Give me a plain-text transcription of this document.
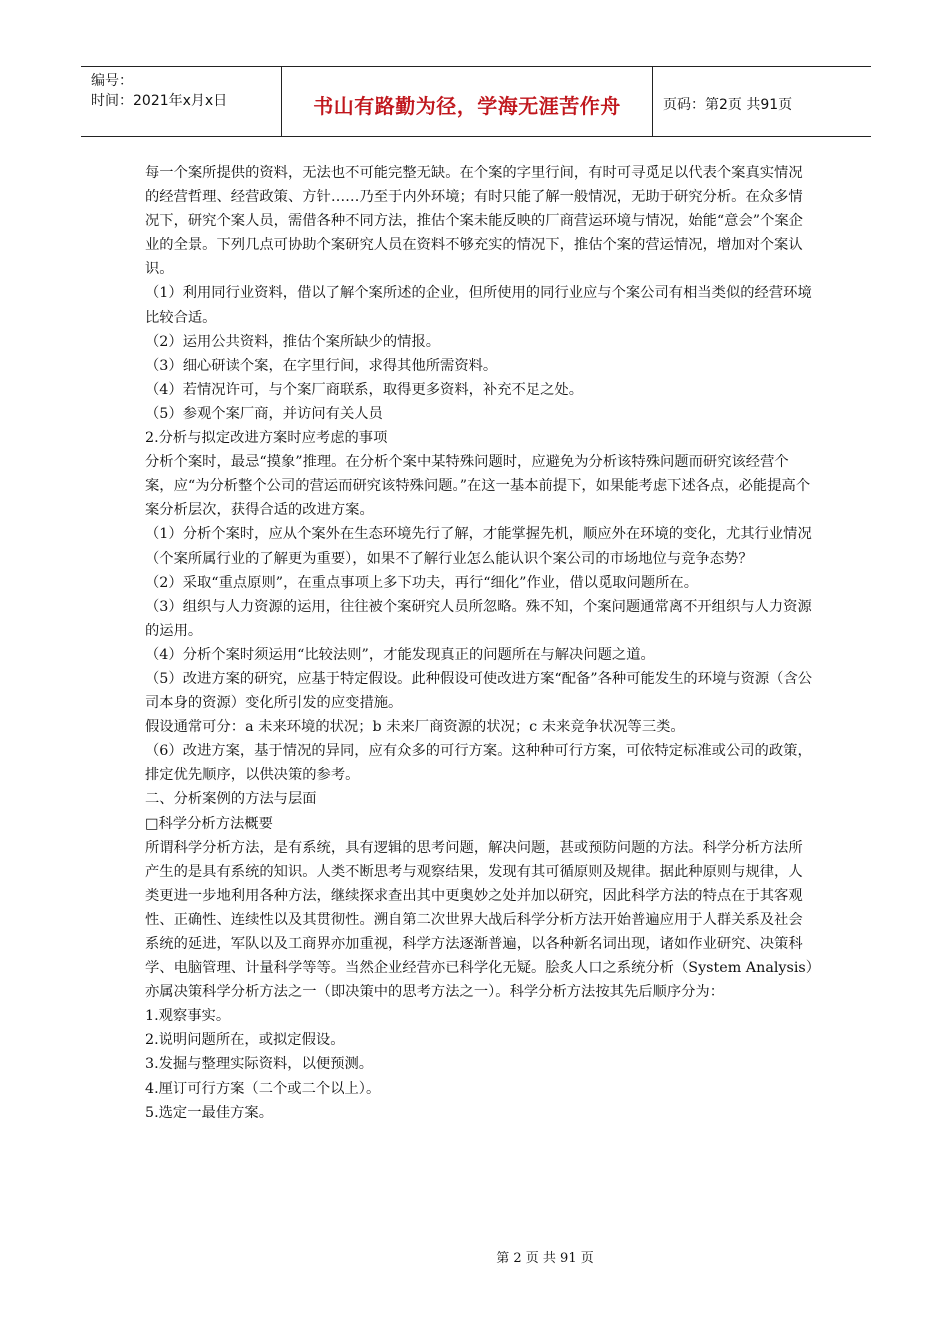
编号：
时间：2021年x月x日	书山有路勤为径，学海无涯苦作舟	页码：第2页 共91页

每一个案所提供的资料，无法也不可能完整无缺。在个案的字里行间，有时可寻觅足以代表个案真实情况的经营哲理、经营政策、方针……乃至于内外环境；有时只能了解一般情况，无助于研究分析。在众多情况下，研究个案人员，需借各种不同方法，推估个案未能反映的厂商营运环境与情况，始能“意会”个案企业的全景。下列几点可协助个案研究人员在资料不够充实的情况下，推估个案的营运情况，增加对个案认识。

（1）利用同行业资料，借以了解个案所述的企业，但所使用的同行业应与个案公司有相当类似的经营环境比较合适。

（2）运用公共资料，推估个案所缺少的情报。

（3）细心研读个案，在字里行间，求得其他所需资料。

（4）若情况许可，与个案厂商联系，取得更多资料，补充不足之处。

（5）参观个案厂商，并访问有关人员

2.分析与拟定改进方案时应考虑的事项

分析个案时，最忌“摸象”推理。在分析个案中某特殊问题时，应避免为分析该特殊问题而研究该经营个案，应“为分析整个公司的营运而研究该特殊问题。”在这一基本前提下，如果能考虑下述各点，必能提高个案分析层次，获得合适的改进方案。

（1）分析个案时，应从个案外在生态环境先行了解，才能掌握先机，顺应外在环境的变化，尤其行业情况（个案所属行业的了解更为重要），如果不了解行业怎么能认识个案公司的市场地位与竞争态势？

（2）采取“重点原则”，在重点事项上多下功夫，再行“细化”作业，借以觅取问题所在。

（3）组织与人力资源的运用，往往被个案研究人员所忽略。殊不知，个案问题通常离不开组织与人力资源的运用。

（4）分析个案时须运用“比较法则”，才能发现真正的问题所在与解决问题之道。

（5）改进方案的研究，应基于特定假设。此种假设可使改进方案“配备”各种可能发生的环境与资源（含公司本身的资源）变化所引发的应变措施。

假设通常可分：a 未来环境的状况；b 未来厂商资源的状况；c 未来竞争状况等三类。

（6）改进方案，基于情况的异同，应有众多的可行方案。这种种可行方案，可依特定标准或公司的政策，排定优先顺序，以供决策的参考。

二、分析案例的方法与层面

□科学分析方法概要

所谓科学分析方法，是有系统，具有逻辑的思考问题，解决问题，甚或预防问题的方法。科学分析方法所产生的是具有系统的知识。人类不断思考与观察结果，发现有其可循原则及规律。据此种原则与规律，人类更进一步地利用各种方法，继续探求查出其中更奥妙之处并加以研究，因此科学方法的特点在于其客观性、正确性、连续性以及其贯彻性。溯自第二次世界大战后科学分析方法开始普遍应用于人群关系及社会系统的延进，军队以及工商界亦加重视，科学方法逐渐普遍，以各种新名词出现，诸如作业研究、决策科学、电脑管理、计量科学等等。当然企业经营亦已科学化无疑。脍炙人口之系统分析（System Analysis）亦属决策科学分析方法之一（即决策中的思考方法之一）。科学分析方法按其先后顺序分为：

1.观察事实。

2.说明问题所在，或拟定假设。

3.发掘与整理实际资料，以便预测。

4.厘订可行方案（二个或二个以上）。

5.选定一最佳方案。

第 2 页 共 91 页
